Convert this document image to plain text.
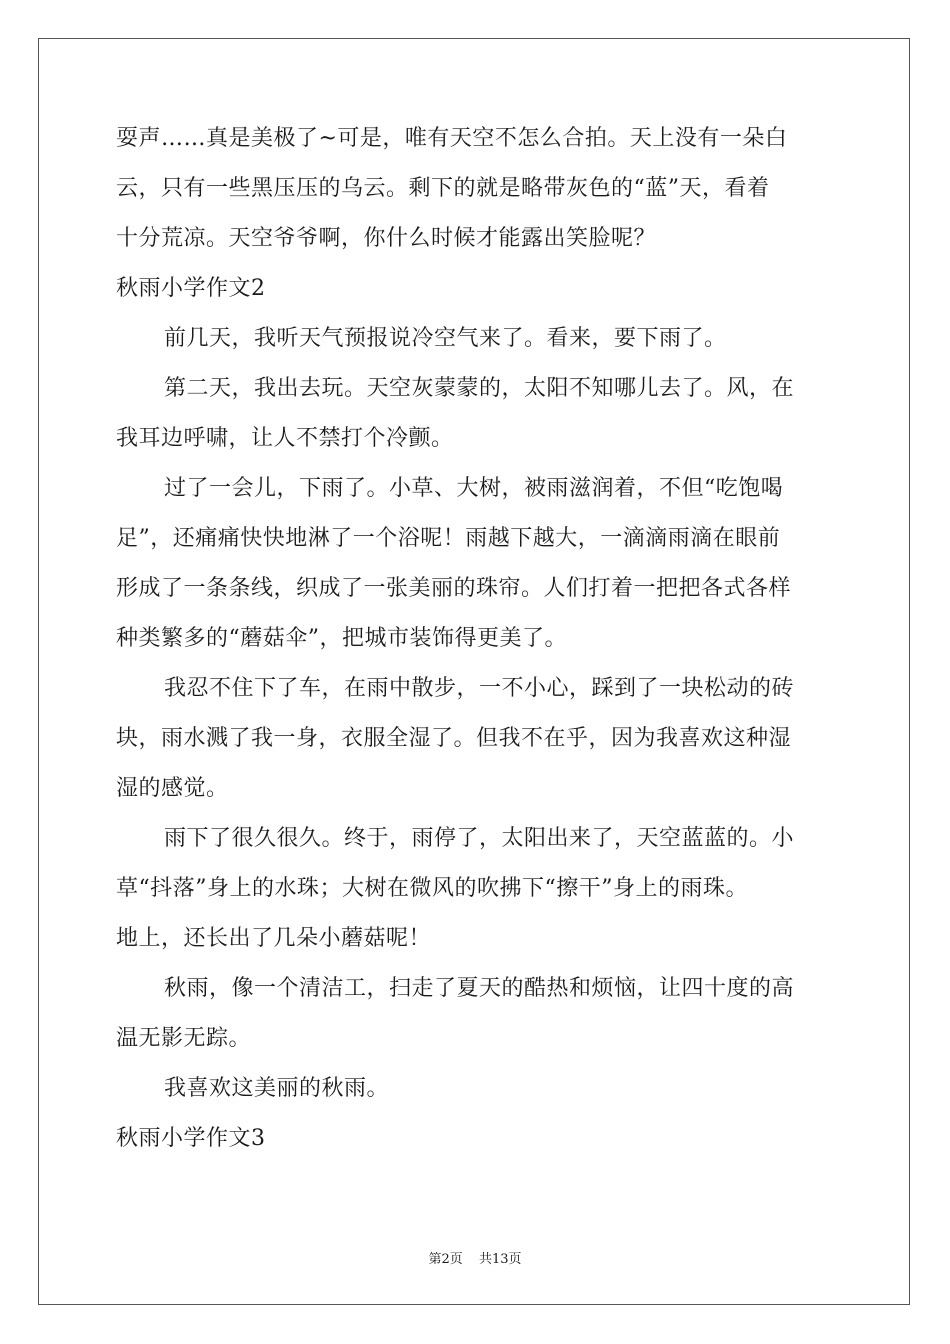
耍声……真是美极了~可是，唯有天空不怎么合拍。天上没有一朵白
云，只有一些黑压压的乌云。剩下的就是略带灰色的“蓝”天，看着
十分荒凉。天空爷爷啊，你什么时候才能露出笑脸呢？
秋雨小学作文2
前几天，我听天气预报说冷空气来了。看来，要下雨了。
第二天，我出去玩。天空灰蒙蒙的，太阳不知哪儿去了。风，在
我耳边呼啸，让人不禁打个冷颤。
过了一会儿，下雨了。小草、大树，被雨滋润着，不但“吃饱喝
足”，还痛痛快快地淋了一个浴呢！雨越下越大，一滴滴雨滴在眼前
形成了一条条线，织成了一张美丽的珠帘。人们打着一把把各式各样
种类繁多的“蘑菇伞”，把城市装饰得更美了。
我忍不住下了车，在雨中散步，一不小心，踩到了一块松动的砖
块，雨水溅了我一身，衣服全湿了。但我不在乎，因为我喜欢这种湿
湿的感觉。
雨下了很久很久。终于，雨停了，太阳出来了，天空蓝蓝的。小
草“抖落”身上的水珠；大树在微风的吹拂下“擦干”身上的雨珠。
地上，还长出了几朵小蘑菇呢！
秋雨，像一个清洁工，扫走了夏天的酷热和烦恼，让四十度的高
温无影无踪。
我喜欢这美丽的秋雨。
秋雨小学作文3
第2页 共13页
